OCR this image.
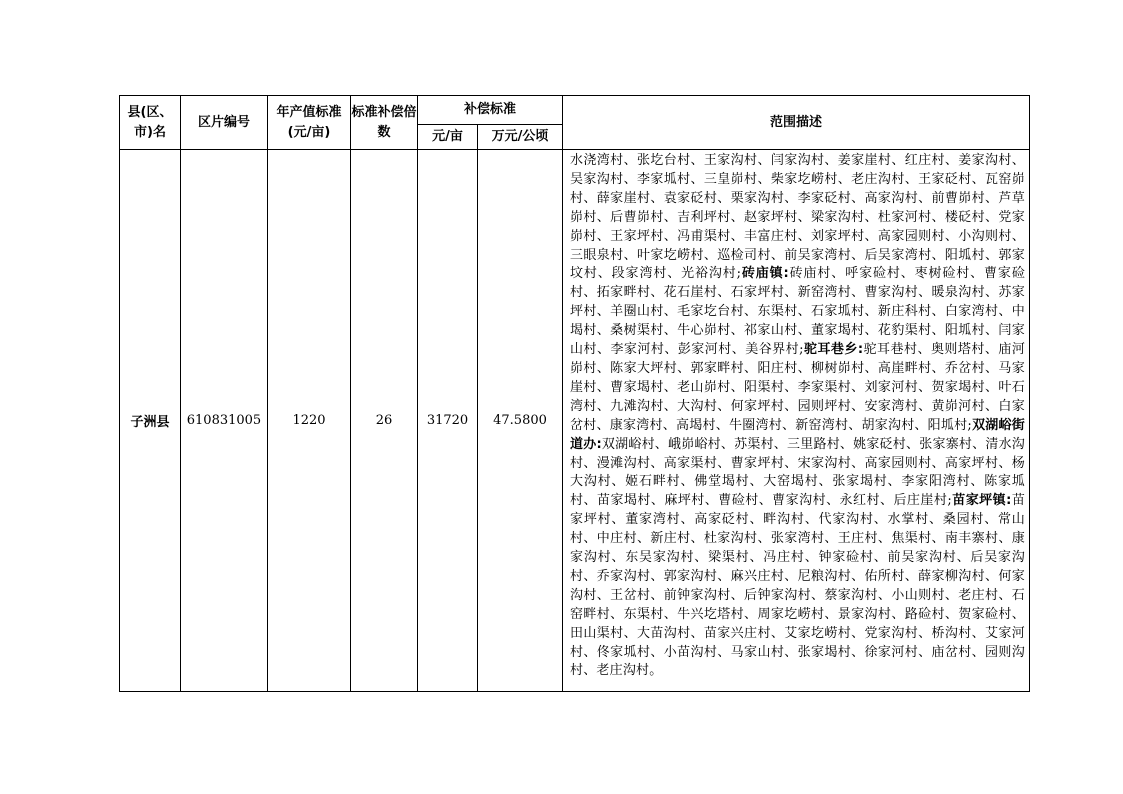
县(区、市)名	区片编号	年产值标准(元/亩)	标准补偿倍数	补偿标准		范围描述
				元/亩	万元/公顷	
子洲县	610831005	1220	26	31720	47.5800	水浇湾村、张圪台村、王家沟村、闫家沟村、姜家崖村、红庄村、姜家沟村、吴家沟村、李家坬村、三皇峁村、柴家圪崂村、老庄沟村、王家砭村、瓦窑峁村、薛家崖村、袁家砭村、栗家沟村、李家砭村、高家沟村、前曹峁村、芦草峁村、后曹峁村、吉利坪村、赵家坪村、梁家沟村、杜家河村、楼砭村、党家峁村、王家坪村、冯甫渠村、丰富庄村、刘家坪村、高家园则村、小沟则村、三眼泉村、叶家圪崂村、巡检司村、前吴家湾村、后吴家湾村、阳坬村、郭家坟村、段家湾村、光裕沟村;砖庙镇:砖庙村、呼家硷村、枣树硷村、曹家硷村、拓家畔村、花石崖村、石家坪村、新窑湾村、曹家沟村、暖泉沟村、苏家坪村、羊圈山村、毛家圪台村、东渠村、石家坬村、新庄科村、白家湾村、中堨村、桑树渠村、牛心峁村、祁家山村、董家堨村、花豹渠村、阳坬村、闫家山村、李家河村、彭家河村、美谷界村;驼耳巷乡:驼耳巷村、奥则塔村、庙河峁村、陈家大坪村、郭家畔村、阳庄村、柳树峁村、高崖畔村、乔岔村、马家崖村、曹家堨村、老山峁村、阳渠村、李家渠村、刘家河村、贺家堨村、叶石湾村、九滩沟村、大沟村、何家坪村、园则坪村、安家湾村、黄峁河村、白家岔村、康家湾村、高堨村、牛圈湾村、新窑湾村、胡家沟村、阳坬村;双湖峪街道办:双湖峪村、峨峁峪村、苏渠村、三里路村、姚家砭村、张家寨村、清水沟村、漫滩沟村、高家渠村、曹家坪村、宋家沟村、高家园则村、高家坪村、杨大沟村、姬石畔村、佛堂堨村、大窑堨村、张家堨村、李家阳湾村、陈家坬村、苗家堨村、麻坪村、曹硷村、曹家沟村、永红村、后庄崖村;苗家坪镇:苗家坪村、董家湾村、高家砭村、畔沟村、代家沟村、水掌村、桑园村、常山村、中庄村、新庄村、杜家沟村、张家湾村、王庄村、焦渠村、南丰寨村、康家沟村、东吴家沟村、梁渠村、冯庄村、钟家硷村、前吴家沟村、后吴家沟村、乔家沟村、郭家沟村、麻兴庄村、尼粮沟村、佑所村、薛家柳沟村、何家沟村、王岔村、前钟家沟村、后钟家沟村、蔡家沟村、小山则村、老庄村、石窑畔村、东渠村、牛兴圪塔村、周家圪崂村、景家沟村、路硷村、贺家硷村、田山渠村、大苗沟村、苗家兴庄村、艾家圪崂村、党家沟村、桥沟村、艾家河村、佟家坬村、小苗沟村、马家山村、张家堨村、徐家河村、庙岔村、园则沟村、老庄沟村。
